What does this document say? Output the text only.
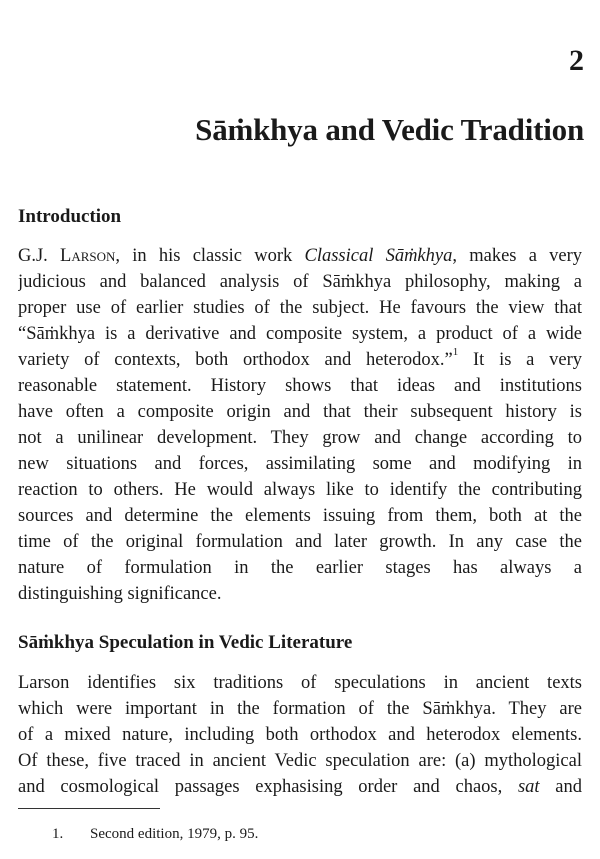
2
Sāṁkhya and Vedic Tradition
Introduction
G.J. Larson, in his classic work Classical Sāṁkhya, makes a very
judicious and balanced analysis of Sāṁkhya philosophy, making a
proper use of earlier studies of the subject. He favours the view that
“Sāṁkhya is a derivative and composite system, a product of a wide
variety of contexts, both orthodox and heterodox.”$^1$ It is a very
reasonable statement. History shows that ideas and institutions
have often a composite origin and that their subsequent history is
not a unilinear development. They grow and change according to
new situations and forces, assimilating some and modifying in
reaction to others. He would always like to identify the contributing
sources and determine the elements issuing from them, both at the
time of the original formulation and later growth. In any case the
nature of formulation in the earlier stages has always a
distinguishing significance.
Sāṁkhya Speculation in Vedic Literature
Larson identifies six traditions of speculations in ancient texts
which were important in the formation of the Sāṁkhya. They are
of a mixed nature, including both orthodox and heterodox elements.
Of these, five traced in ancient Vedic speculation are: (a) mythological
and cosmological passages exphasising order and chaos, sat and

1. Second edition, 1979, p. 95.
